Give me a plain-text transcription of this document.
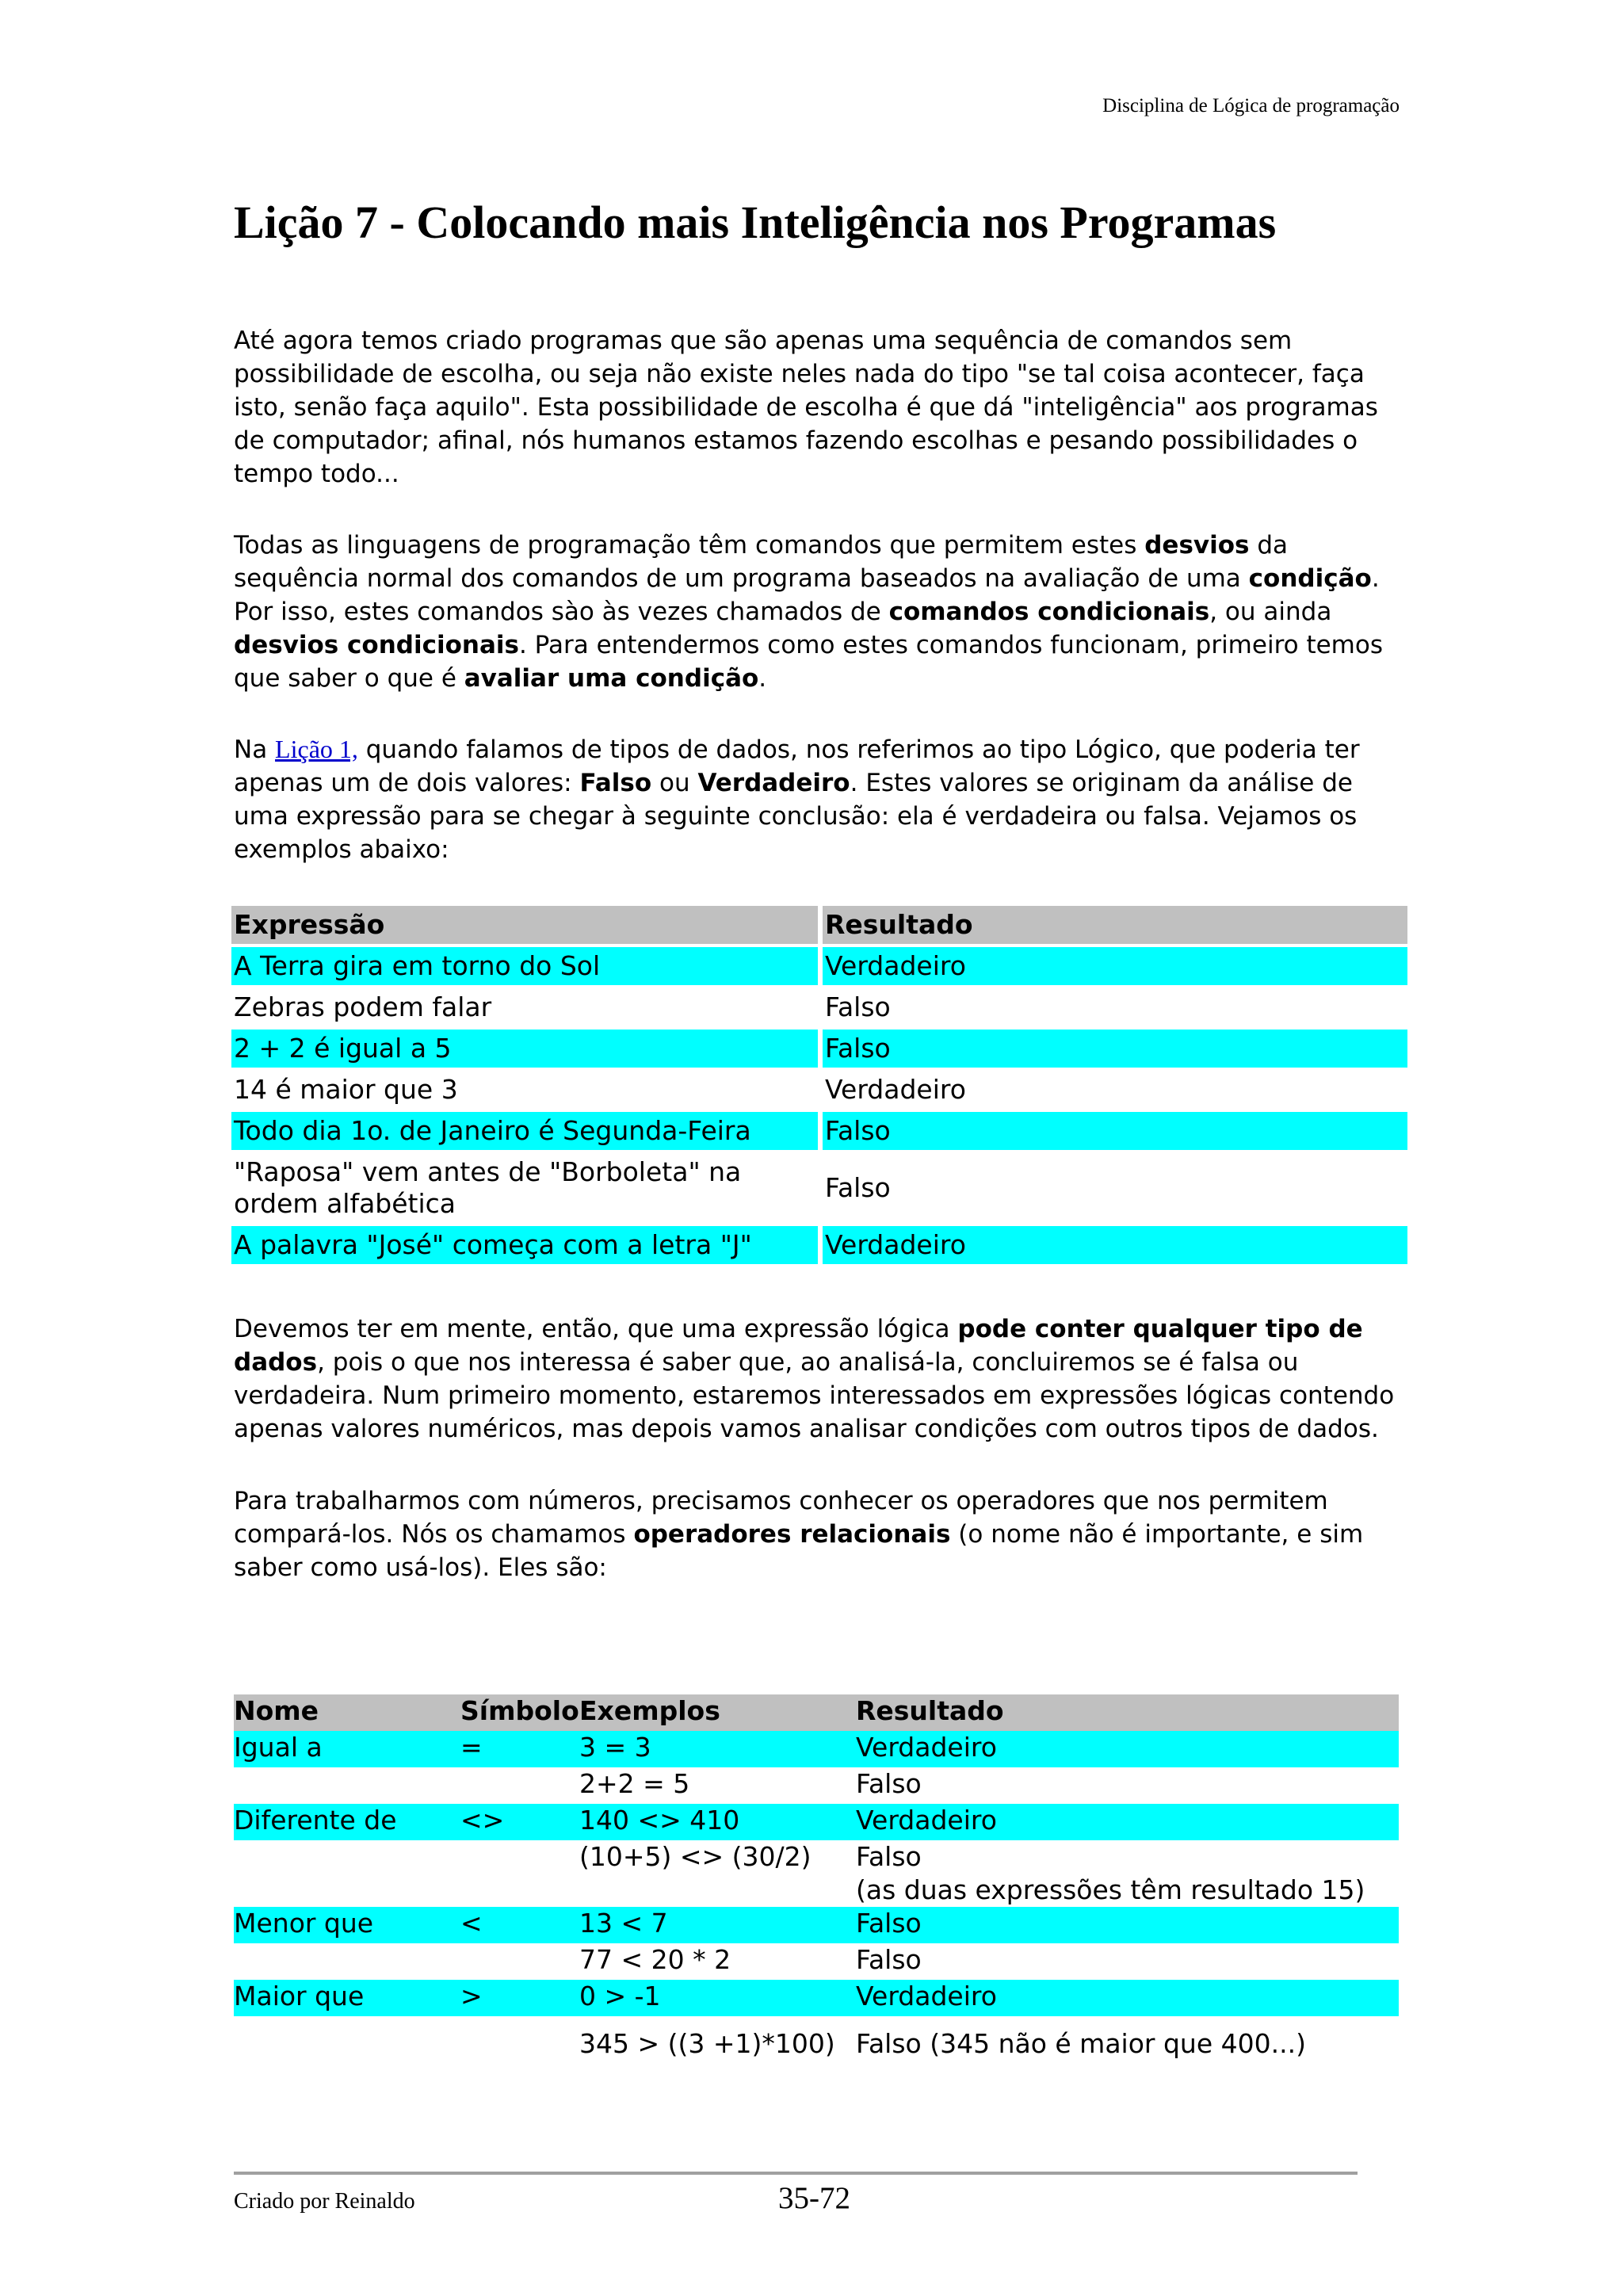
Disciplina de Lógica de programação
Lição 7 - Colocando mais Inteligência nos Programas

Até agora temos criado programas que são apenas uma sequência de comandos sem possibilidade de escolha, ou seja não existe neles nada do tipo "se tal coisa acontecer, faça isto, senão faça aquilo". Esta possibilidade de escolha é que dá "inteligência" aos programas de computador; afinal, nós humanos estamos fazendo escolhas e pesando possibilidades o tempo todo...

Todas as linguagens de programação têm comandos que permitem estes desvios da sequência normal dos comandos de um programa baseados na avaliação de uma condição. Por isso, estes comandos sào às vezes chamados de comandos condicionais, ou ainda desvios condicionais. Para entendermos como estes comandos funcionam, primeiro temos que saber o que é avaliar uma condição.

Na Lição 1, quando falamos de tipos de dados, nos referimos ao tipo Lógico, que poderia ter apenas um de dois valores: Falso ou Verdadeiro. Estes valores se originam da análise de uma expressão para se chegar à seguinte conclusão: ela é verdadeira ou falsa. Vejamos os exemplos abaixo:

Expressão	Resultado
A Terra gira em torno do Sol	Verdadeiro
Zebras podem falar	Falso
2 + 2 é igual a 5	Falso
14 é maior que 3	Verdadeiro
Todo dia 1o. de Janeiro é Segunda-Feira	Falso
"Raposa" vem antes de "Borboleta" na ordem alfabética	Falso
A palavra "José" começa com a letra "J"	Verdadeiro

Devemos ter em mente, então, que uma expressão lógica pode conter qualquer tipo de dados, pois o que nos interessa é saber que, ao analisá-la, concluiremos se é falsa ou verdadeira. Num primeiro momento, estaremos interessados em expressões lógicas contendo apenas valores numéricos, mas depois vamos analisar condições com outros tipos de dados.

Para trabalharmos com números, precisamos conhecer os operadores que nos permitem compará-los. Nós os chamamos operadores relacionais (o nome não é importante, e sim saber como usá-los). Eles são:

Nome	Símbolo	Exemplos	Resultado
Igual a	=	3 = 3	Verdadeiro
		2+2 = 5	Falso
Diferente de	<>	140 <> 410	Verdadeiro
		(10+5) <> (30/2)	Falso
(as duas expressões têm resultado 15)

Menor que	<	13 < 7	Falso
		77 < 20 * 2	Falso
Maior que	>	0 > -1	Verdadeiro
		345 > ((3 +1)*100)	Falso (345 não é maior que 400...)
Criado por Reinaldo	35-72
